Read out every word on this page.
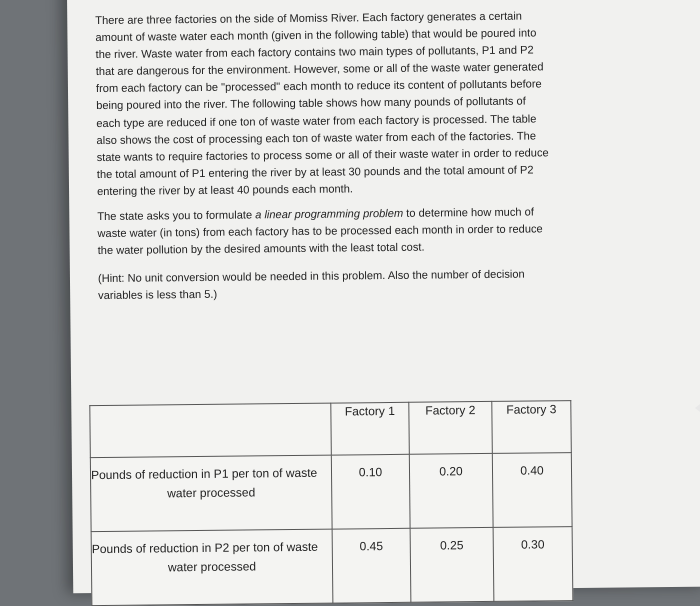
There are three factories on the side of Momiss River. Each factory generates a certain amount of waste water each month (given in the following table) that would be poured into the river. Waste water from each factory contains two main types of pollutants, P1 and P2 that are dangerous for the environment. However, some or all of the waste water generated from each factory can be "processed" each month to reduce its content of pollutants before being poured into the river. The following table shows how many pounds of pollutants of each type are reduced if one ton of waste water from each factory is processed. The table also shows the cost of processing each ton of waste water from each of the factories. The state wants to require factories to process some or all of their waste water in order to reduce the total amount of P1 entering the river by at least 30 pounds and the total amount of P2 entering the river by at least 40 pounds each month.

The state asks you to formulate a linear programming problem to determine how much of waste water (in tons) from each factory has to be processed each month in order to reduce the water pollution by the desired amounts with the least total cost.

(Hint: No unit conversion would be needed in this problem. Also the number of decision variables is less than 5.)

	Factory 1	Factory 2	Factory 3

Pounds of reduction in P1 per ton of waste
water processed	0.10	0.20	0.40

Pounds of reduction in P2 per ton of waste
water processed	0.45	0.25	0.30
